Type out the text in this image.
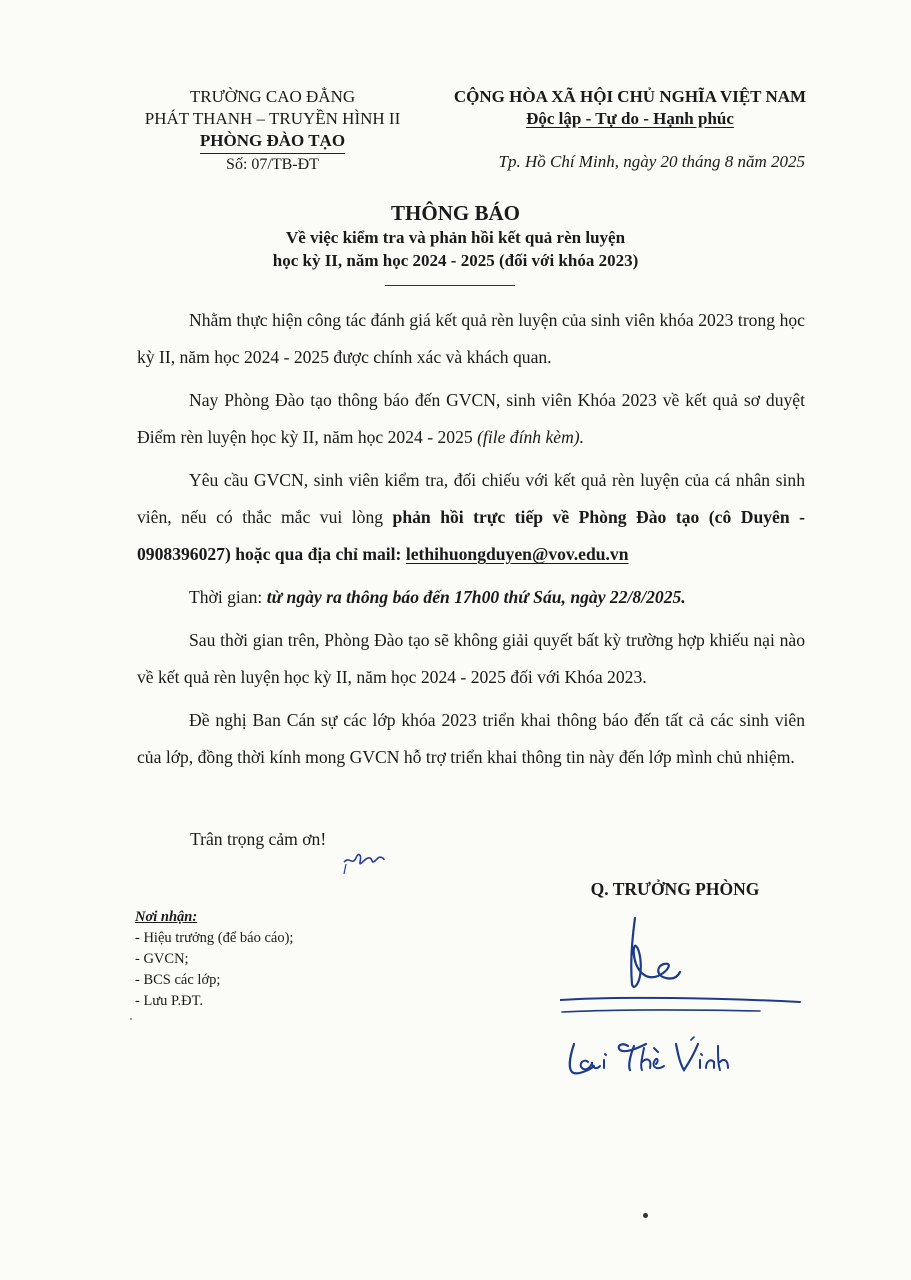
TRƯỜNG CAO ĐẲNG
PHÁT THANH – TRUYỀN HÌNH II
PHÒNG ĐÀO TẠO
Số: 07/TB-ĐT
CỘNG HÒA XÃ HỘI CHỦ NGHĨA VIỆT NAM
Độc lập - Tự do - Hạnh phúc
Tp. Hồ Chí Minh, ngày 20 tháng 8 năm 2025
THÔNG BÁO
Về việc kiểm tra và phản hồi kết quả rèn luyện
học kỳ II, năm học 2024 - 2025 (đối với khóa 2023)

Nhằm thực hiện công tác đánh giá kết quả rèn luyện của sinh viên khóa 2023 trong học kỳ II, năm học 2024 - 2025 được chính xác và khách quan.

Nay Phòng Đào tạo thông báo đến GVCN, sinh viên Khóa 2023 về kết quả sơ duyệt Điểm rèn luyện học kỳ II, năm học 2024 - 2025 (file đính kèm).

Yêu cầu GVCN, sinh viên kiểm tra, đối chiếu với kết quả rèn luyện của cá nhân sinh viên, nếu có thắc mắc vui lòng phản hồi trực tiếp về Phòng Đào tạo (cô Duyên - 0908396027) hoặc qua địa chỉ mail: lethihuongduyen@vov.edu.vn

Thời gian: từ ngày ra thông báo đến 17h00 thứ Sáu, ngày 22/8/2025.

Sau thời gian trên, Phòng Đào tạo sẽ không giải quyết bất kỳ trường hợp khiếu nại nào về kết quả rèn luyện học kỳ II, năm học 2024 - 2025 đối với Khóa 2023.

Đề nghị Ban Cán sự các lớp khóa 2023 triển khai thông báo đến tất cả các sinh viên của lớp, đồng thời kính mong GVCN hỗ trợ triển khai thông tin này đến lớp mình chủ nhiệm.

Trân trọng cảm ơn!
Q. TRƯỞNG PHÒNG
Nơi nhận:
- Hiệu trưởng (để báo cáo);
- GVCN;
- BCS các lớp;
- Lưu P.ĐT.
